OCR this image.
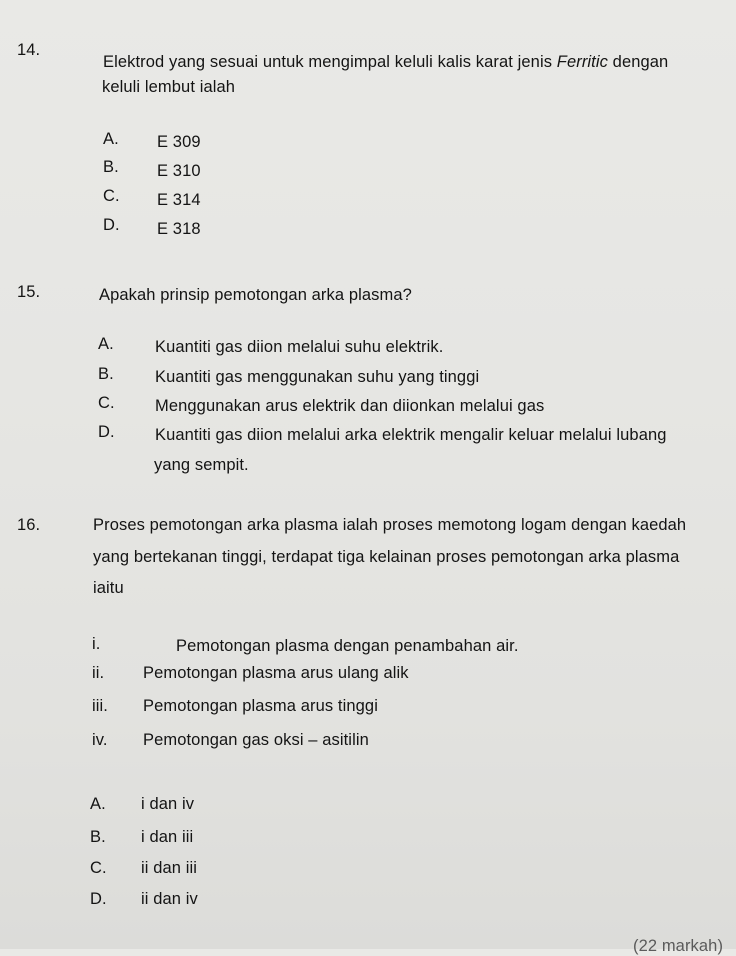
14.
Elektrod yang sesuai untuk mengimpal keluli kalis karat jenis Ferritic dengan
keluli lembut ialah
A. E 309
B. E 310
C. E 314
D. E 318
15.	Apakah prinsip pemotongan arka plasma?
A. Kuantiti gas diion melalui suhu elektrik.
B. Kuantiti gas menggunakan suhu yang tinggi
C. Menggunakan arus elektrik dan diionkan melalui gas
D. Kuantiti gas diion melalui arka elektrik mengalir keluar melalui lubang
yang sempit.
16.	Proses pemotongan arka plasma ialah proses memotong logam dengan kaedah
yang bertekanan tinggi, terdapat tiga kelainan proses pemotongan arka plasma
iaitu
i.	Pemotongan plasma dengan penambahan air.
ii. Pemotongan plasma arus ulang alik
iii. Pemotongan plasma arus tinggi
iv. Pemotongan gas oksi – asitilin
A. i dan iv
B. i dan iii
C. ii dan iii
D. ii dan iv
(22 markah)
